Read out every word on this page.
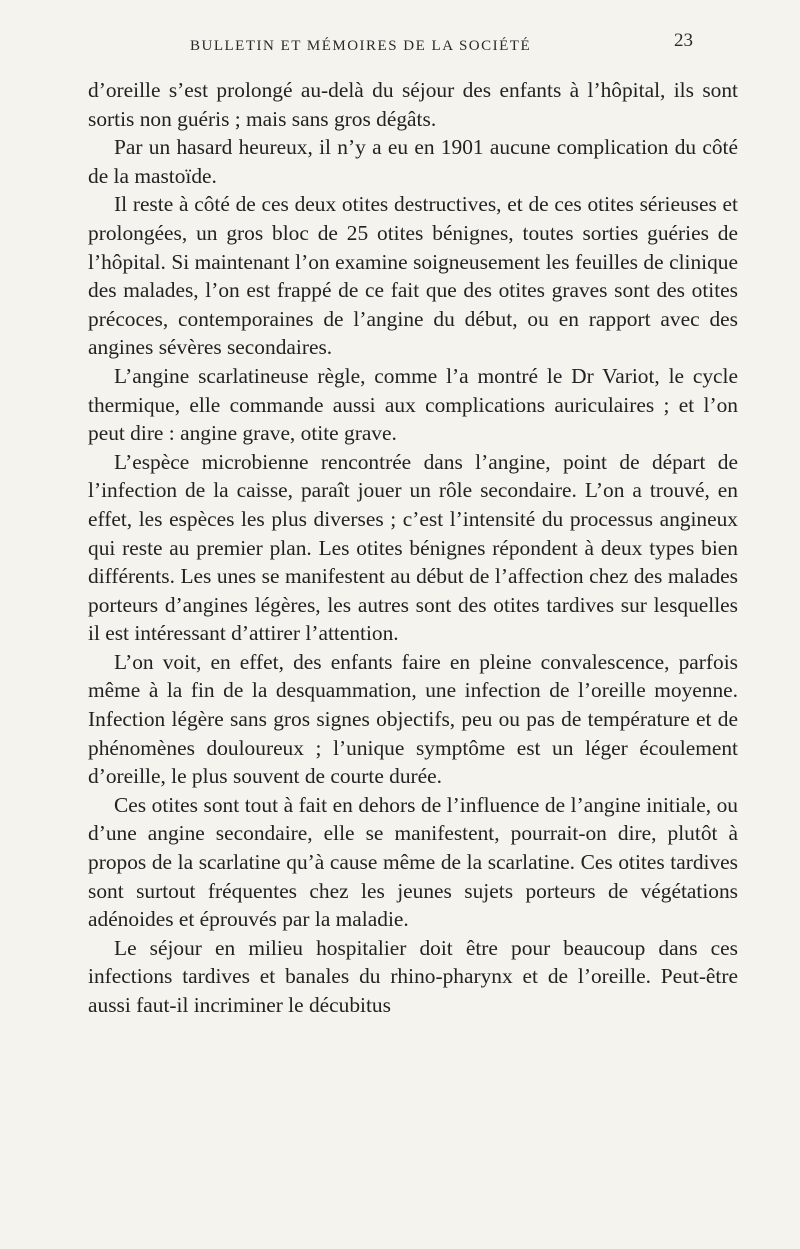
BULLETIN ET MÉMOIRES DE LA SOCIÉTÉ	23

d’oreille s’est prolongé au-delà du séjour des enfants à l’hôpital, ils sont sortis non guéris ; mais sans gros dégâts.

Par un hasard heureux, il n’y a eu en 1901 aucune complication du côté de la mastoïde.

Il reste à côté de ces deux otites destructives, et de ces otites sérieuses et prolongées, un gros bloc de 25 otites bénignes, toutes sorties guéries de l’hôpital. Si maintenant l’on examine soigneusement les feuilles de clinique des malades, l’on est frappé de ce fait que des otites graves sont des otites précoces, contemporaines de l’angine du début, ou en rapport avec des angines sévères secondaires.

L’angine scarlatineuse règle, comme l’a montré le Dr Variot, le cycle thermique, elle commande aussi aux complications auriculaires ; et l’on peut dire : angine grave, otite grave.

L’espèce microbienne rencontrée dans l’angine, point de départ de l’infection de la caisse, paraît jouer un rôle secondaire. L’on a trouvé, en effet, les espèces les plus diverses ; c’est l’intensité du processus angineux qui reste au premier plan. Les otites bénignes répondent à deux types bien différents. Les unes se manifestent au début de l’affection chez des malades porteurs d’angines légères, les autres sont des otites tardives sur lesquelles il est intéressant d’attirer l’attention.

L’on voit, en effet, des enfants faire en pleine convalescence, parfois même à la fin de la desquammation, une infection de l’oreille moyenne. Infection légère sans gros signes objectifs, peu ou pas de température et de phénomènes douloureux ; l’unique symptôme est un léger écoulement d’oreille, le plus souvent de courte durée.

Ces otites sont tout à fait en dehors de l’influence de l’angine initiale, ou d’une angine secondaire, elle se manifestent, pourrait-on dire, plutôt à propos de la scarlatine qu’à cause même de la scarlatine. Ces otites tardives sont surtout fréquentes chez les jeunes sujets porteurs de végétations adénoides et éprouvés par la maladie.

Le séjour en milieu hospitalier doit être pour beaucoup dans ces infections tardives et banales du rhino-pharynx et de l’oreille. Peut-être aussi faut-il incriminer le décubitus
